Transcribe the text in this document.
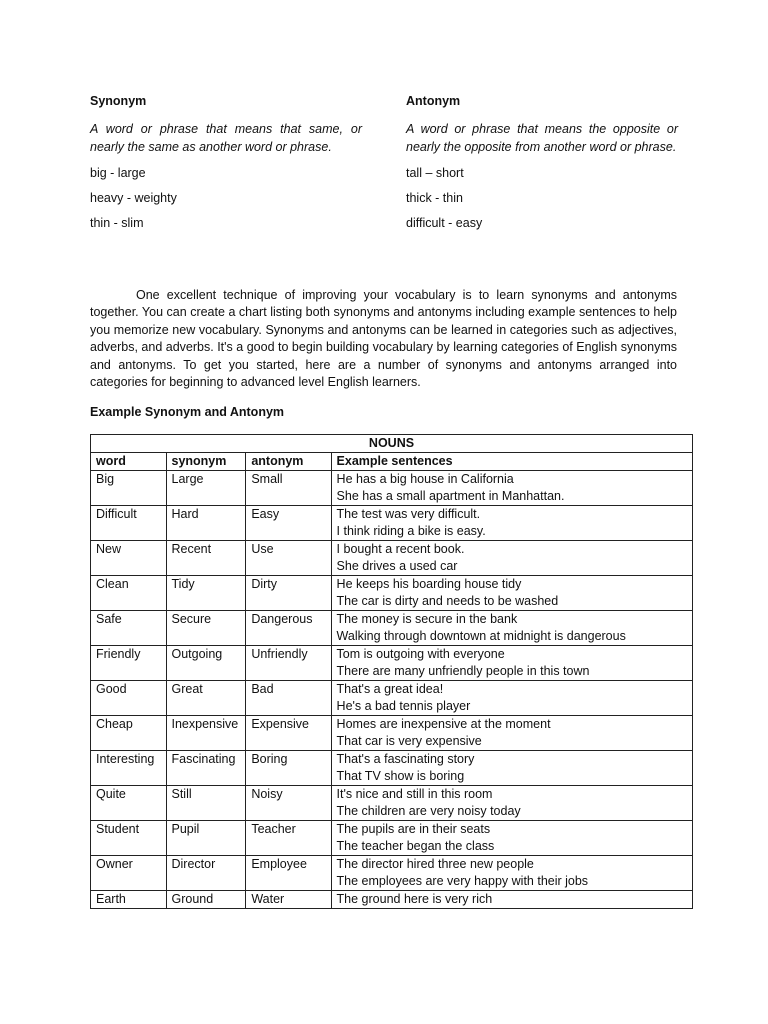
Synonym

A word or phrase that means that same, or nearly the same as another word or phrase.

big - large

heavy - weighty

thin - slim

Antonym

A word or phrase that means the opposite or nearly the opposite from another word or phrase.

tall – short

thick - thin

difficult - easy

One excellent technique of improving your vocabulary is to learn synonyms and antonyms together. You can create a chart listing both synonyms and antonyms including example sentences to help you memorize new vocabulary. Synonyms and antonyms can be learned in categories such as adjectives, adverbs, and adverbs. It's a good to begin building vocabulary by learning categories of English synonyms and antonyms. To get you started, here are a number of synonyms and antonyms arranged into categories for beginning to advanced level English learners.

Example Synonym and Antonym

NOUNS			
word	synonym	antonym	Example sentences
Big	Large	Small	He has a big house in California
She has a small apartment in Manhattan.

Difficult	Hard	Easy	The test was very difficult.
I think riding a bike is easy.

New	Recent	Use	I bought a recent book.
She drives a used car

Clean	Tidy	Dirty	He keeps his boarding house tidy
The car is dirty and needs to be washed

Safe	Secure	Dangerous	The money is secure in the bank
Walking through downtown at midnight is dangerous

Friendly	Outgoing	Unfriendly	Tom is outgoing with everyone
There are many unfriendly people in this town

Good	Great	Bad	That's a great idea!
He's a bad tennis player

Cheap	Inexpensive	Expensive	Homes are inexpensive at the moment
That car is very expensive

Interesting	Fascinating	Boring	That's a fascinating story
That TV show is boring

Quite	Still	Noisy	It's nice and still in this room
The children are very noisy today

Student	Pupil	Teacher	The pupils are in their seats
The teacher began the class

Owner	Director	Employee	The director hired three new people
The employees are very happy with their jobs

Earth	Ground	Water	The ground here is very rich
